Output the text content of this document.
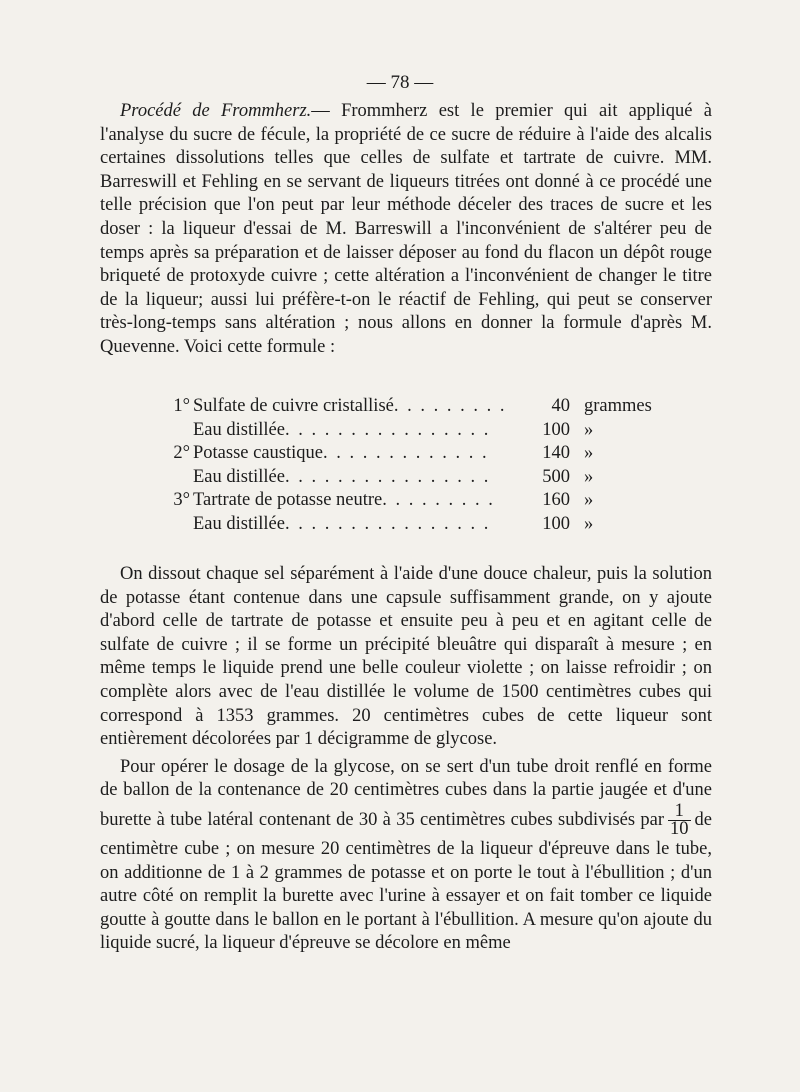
— 78 —

Procédé de Frommherz.— Frommherz est le premier qui ait appliqué à l'analyse du sucre de fécule, la propriété de ce sucre de réduire à l'aide des alcalis certaines dissolutions telles que celles de sulfate et tartrate de cuivre. MM. Barreswill et Fehling en se servant de liqueurs titrées ont donné à ce procédé une telle précision que l'on peut par leur méthode déceler des traces de sucre et les doser : la liqueur d'essai de M. Barreswill a l'inconvénient de s'altérer peu de temps après sa préparation et de laisser déposer au fond du flacon un dépôt rouge briqueté de protoxyde cuivre ; cette altération a l'inconvénient de changer le titre de la liqueur; aussi lui préfère-t-on le réactif de Fehling, qui peut se conserver très-long-temps sans altération ; nous allons en donner la formule d'après M. Quevenne. Voici cette formule :

1° Sulfate de cuivre cristallisé. . . . . . . . .	40 grammes
Eau distillée. . . . . . . . . . . . . . . .	100 »
2° Potasse caustique. . . . . . . . . . . . .	140 »
Eau distillée. . . . . . . . . . . . . . . .	500 »
3° Tartrate de potasse neutre. . . . . . . . .	160 »
Eau distillée. . . . . . . . . . . . . . . .	100 »

On dissout chaque sel séparément à l'aide d'une douce chaleur, puis la solution de potasse étant contenue dans une capsule suffisamment grande, on y ajoute d'abord celle de tartrate de potasse et ensuite peu à peu et en agitant celle de sulfate de cuivre ; il se forme un précipité bleuâtre qui disparaît à mesure ; en même temps le liquide prend une belle couleur violette ; on laisse refroidir ; on complète alors avec de l'eau distillée le volume de 1500 centimètres cubes qui correspond à 1353 grammes. 20 centimètres cubes de cette liqueur sont entièrement décolorées par 1 décigramme de glycose.

Pour opérer le dosage de la glycose, on se sert d'un tube droit renflé en forme de ballon de la contenance de 20 centimètres cubes dans la partie jaugée et d'une burette à tube latéral contenant de 30 à 35 centimètres cubes subdivisés par $\frac{1}{10}$ de centimètre cube ; on mesure 20 centimètres de la liqueur d'épreuve dans le tube, on additionne de 1 à 2 grammes de potasse et on porte le tout à l'ébullition ; d'un autre côté on remplit la burette avec l'urine à essayer et on fait tomber ce liquide goutte à goutte dans le ballon en le portant à l'ébullition. A mesure qu'on ajoute du liquide sucré, la liqueur d'épreuve se décolore en même
